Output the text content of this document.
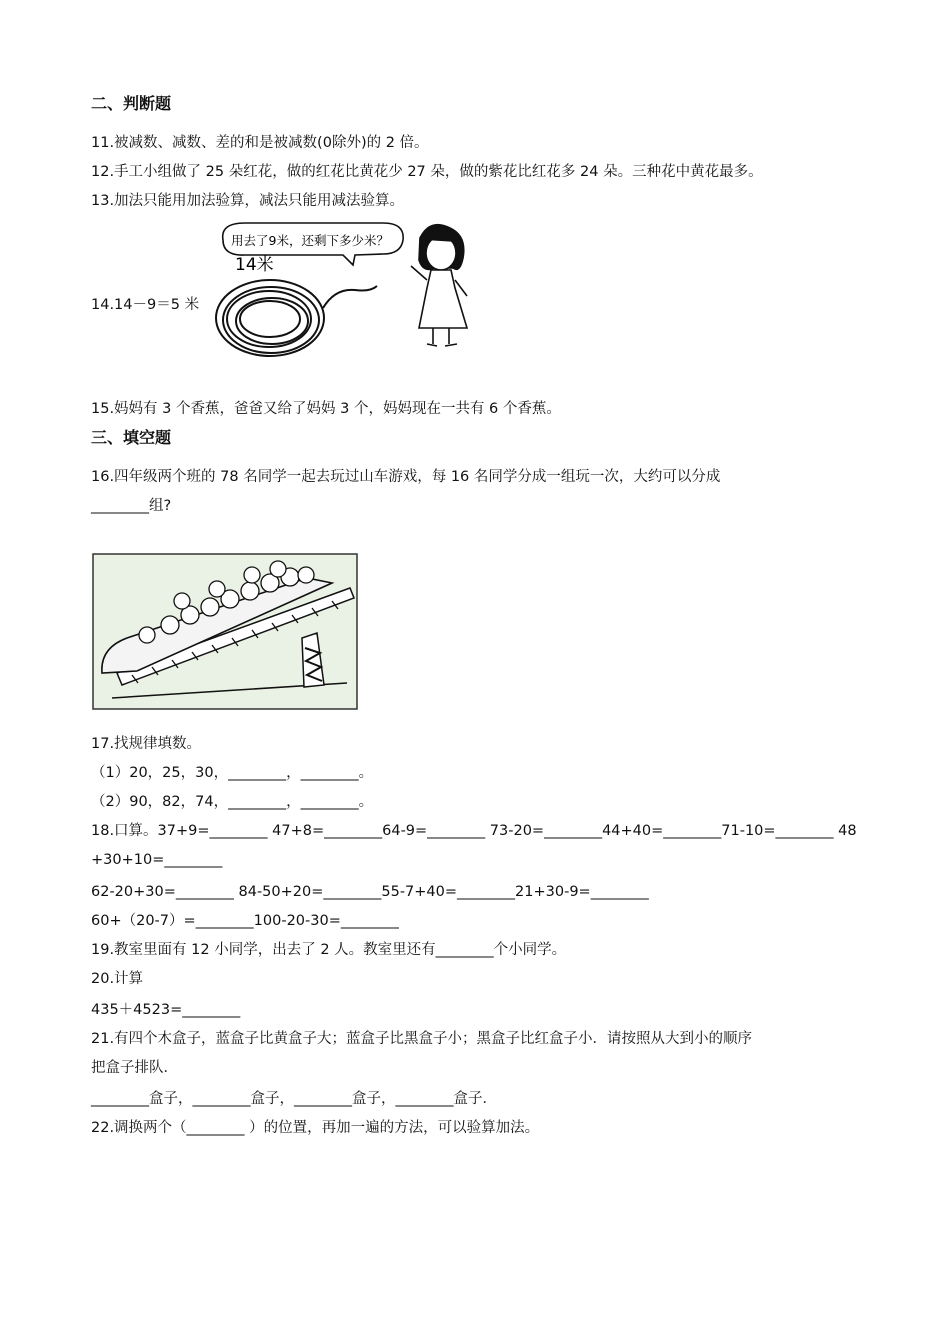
二、判断题
11.被减数、减数、差的和是被减数(0除外)的 2 倍。
12.手工小组做了 25 朵红花，做的红花比黄花少 27 朵，做的紫花比红花多 24 朵。三种花中黄花最多。
13.加法只能用加法验算，减法只能用减法验算。
14.14－9＝5 米
用去了9米，还剩下多少米？
14米
15.妈妈有 3 个香蕉，爸爸又给了妈妈 3 个，妈妈现在一共有 6 个香蕉。
三、填空题
16.四年级两个班的 78 名同学一起去玩过山车游戏，每 16 名同学分成一组玩一次，大约可以分成
________组?
17.找规律填数。
（1）20，25，30，________，________。
（2）90，82，74，________，________。
18.口算。37+9=________ 47+8=________64-9=________ 73-20=________44+40=________71-10=________ 48
+30+10=________
62-20+30=________ 84-50+20=________55-7+40=________21+30-9=________
60+（20-7）=________100-20-30=________
19.教室里面有 12 小同学，出去了 2 人。教室里还有________个小同学。
20.计算
435＋4523=________
21.有四个木盒子，蓝盒子比黄盒子大；蓝盒子比黑盒子小；黑盒子比红盒子小．请按照从大到小的顺序
把盒子排队．
________盒子，________盒子，________盒子，________盒子．
22.调换两个（________ ）的位置，再加一遍的方法，可以验算加法。
